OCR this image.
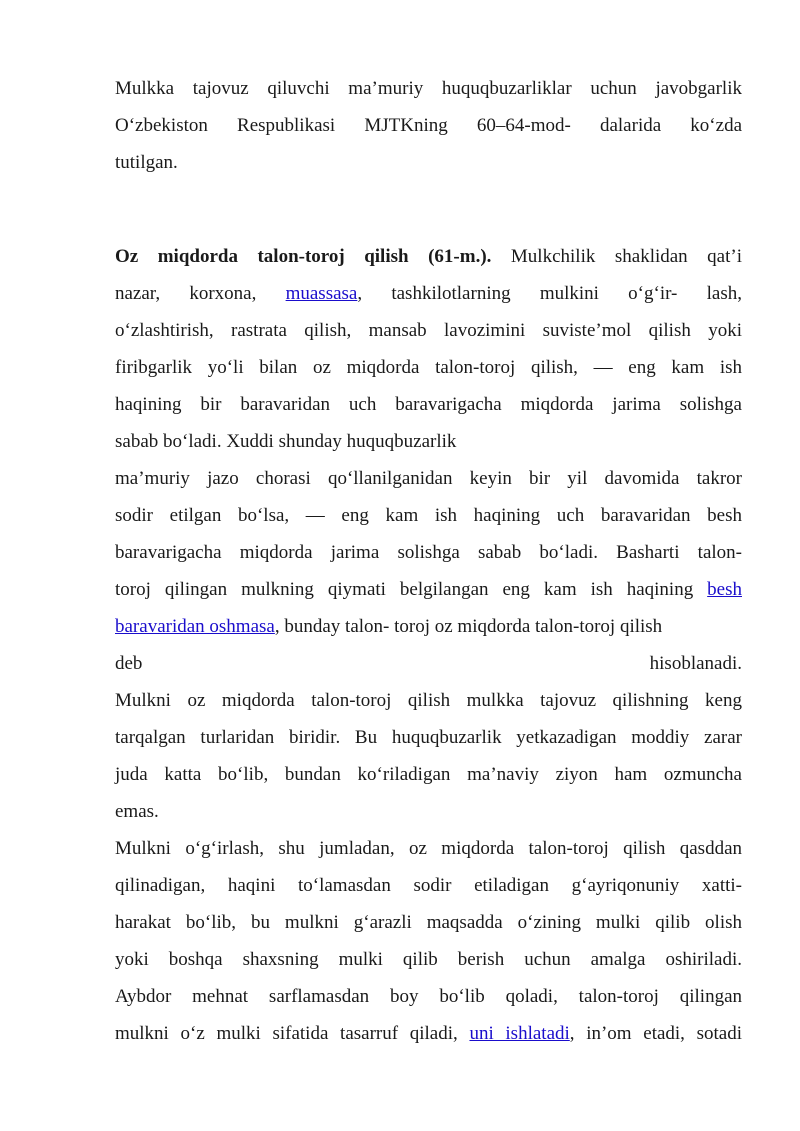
Mulkka tajovuz qiluvchi ma’muriy huquqbuzarliklar uchun javobgarlik
O‘zbekiston Respublikasi MJTKning 60–64-mod- dalarida ko‘zda
tutilgan.
Oz miqdorda talon-toroj qilish (61-m.). Mulkchilik shaklidan qat’i
nazar, korxona, muassasa, tashkilotlarning mulkini o‘g‘ir- lash,
o‘zlashtirish, rastrata qilish, mansab lavozimini suviste’mol qilish yoki
firibgarlik yo‘li bilan oz miqdorda talon-toroj qilish, — eng kam ish
haqining bir baravaridan uch baravarigacha miqdorda jarima solishga
sabab bo‘ladi. Xuddi shunday huquqbuzarlik
ma’muriy jazo chorasi qo‘llanilganidan keyin bir yil davomida takror
sodir etilgan bo‘lsa, — eng kam ish haqining uch baravaridan besh
baravarigacha miqdorda jarima solishga sabab bo‘ladi. Basharti talon-
toroj qilingan mulkning qiymati belgilangan eng kam ish haqining besh
baravaridan oshmasa, bunday talon- toroj oz miqdorda talon-toroj qilish
deb hisoblanadi.
Mulkni oz miqdorda talon-toroj qilish mulkka tajovuz qilishning keng
tarqalgan turlaridan biridir. Bu huquqbuzarlik yetkazadigan moddiy zarar
juda katta bo‘lib, bundan ko‘riladigan ma’naviy ziyon ham ozmuncha
emas.
Mulkni o‘g‘irlash, shu jumladan, oz miqdorda talon-toroj qilish qasddan
qilinadigan, haqini to‘lamasdan sodir etiladigan g‘ayriqonuniy xatti-
harakat bo‘lib, bu mulkni g‘arazli maqsadda o‘zining mulki qilib olish
yoki boshqa shaxsning mulki qilib berish uchun amalga oshiriladi.
Aybdor mehnat sarflamasdan boy bo‘lib qoladi, talon-toroj qilingan
mulkni o‘z mulki sifatida tasarruf qiladi, uni ishlatadi, in’om etadi, sotadi
